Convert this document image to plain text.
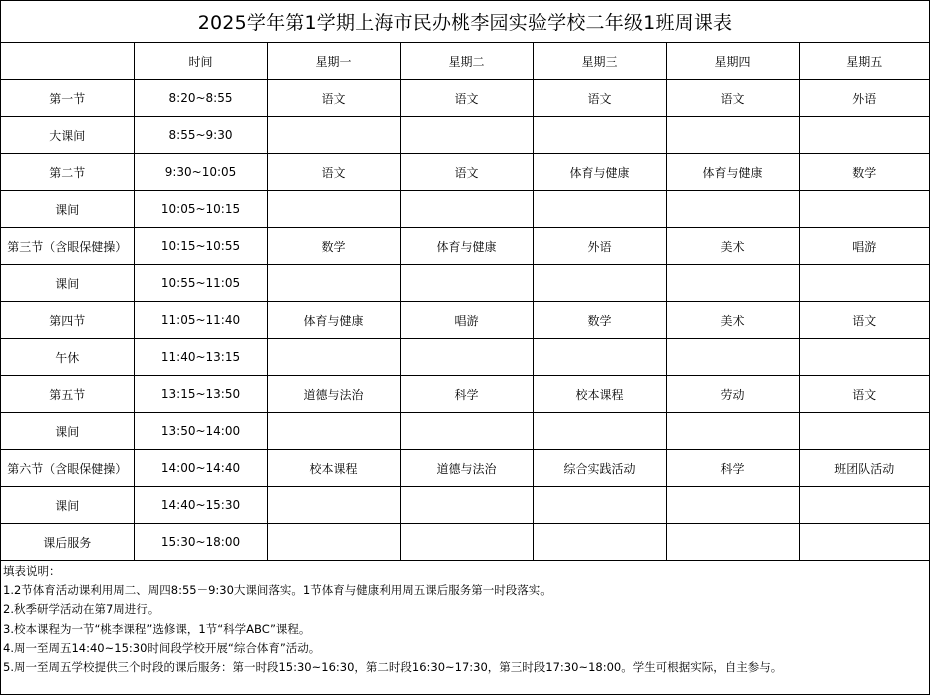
2025学年第1学期上海市民办桃李园实验学校二年级1班周课表
	时间	星期一	星期二	星期三	星期四	星期五
第一节	8:20~8:55	语文	语文	语文	语文	外语
大课间	8:55~9:30					
第二节	9:30~10:05	语文	语文	体育与健康	体育与健康	数学
课间	10:05~10:15					
第三节（含眼保健操）	10:15~10:55	数学	体育与健康	外语	美术	唱游
课间	10:55~11:05					
第四节	11:05~11:40	体育与健康	唱游	数学	美术	语文
午休	11:40~13:15					
第五节	13:15~13:50	道德与法治	科学	校本课程	劳动	语文
课间	13:50~14:00					
第六节（含眼保健操）	14:00~14:40	校本课程	道德与法治	综合实践活动	科学	班团队活动
课间	14:40~15:30					
课后服务	15:30~18:00					
填表说明：
1.2节体育活动课利用周二、周四8:55－9:30大课间落实。1节体育与健康利用周五课后服务第一时段落实。
2.秋季研学活动在第7周进行。
3.校本课程为一节“桃李课程”选修课，1节“科学ABC”课程。
4.周一至周五14:40~15:30时间段学校开展“综合体育”活动。
5.周一至周五学校提供三个时段的课后服务：第一时段15:30~16:30，第二时段16:30~17:30，第三时段17:30~18:00。学生可根据实际，自主参与。
